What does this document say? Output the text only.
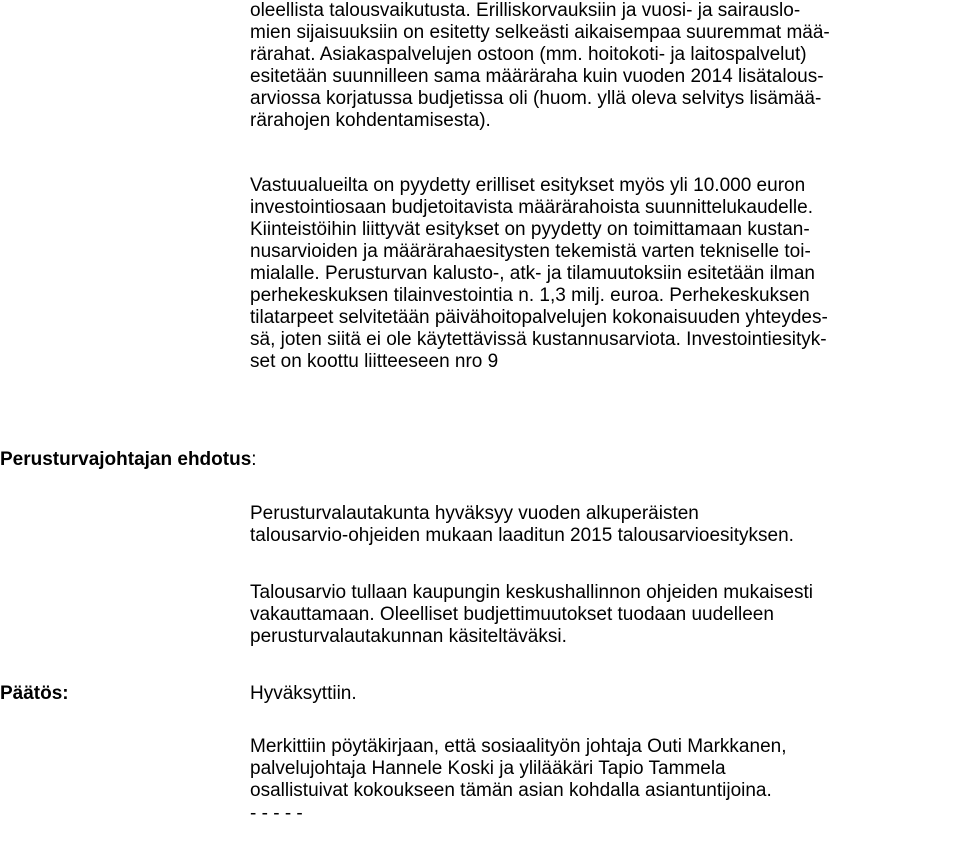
oleellista talousvaikutusta. Erilliskorvauksiin ja vuosi- ja sairauslo-
mien sijaisuuksiin on esitetty selkeästi aikaisempaa suuremmat mää-
rärahat. Asiakaspalvelujen ostoon (mm. hoitokoti- ja laitospalvelut)
esitetään suunnilleen sama määräraha kuin vuoden 2014 lisätalous-
arviossa korjatussa budjetissa oli (huom. yllä oleva selvitys lisämää-
rärahojen kohdentamisesta).
Vastuualueilta on pyydetty erilliset esitykset myös yli 10.000 euron
investointiosaan budjetoitavista määrärahoista suunnittelukaudelle.
Kiinteistöihin liittyvät esitykset on pyydetty on toimittamaan kustan-
nusarvioiden ja määrärahaesitysten tekemistä varten tekniselle toi-
mialalle. Perusturvan kalusto-, atk- ja tilamuutoksiin esitetään ilman
perhekeskuksen tilainvestointia n. 1,3 milj. euroa. Perhekeskuksen
tilatarpeet selvitetään päivähoitopalvelujen kokonaisuuden yhteydes-
sä, joten siitä ei ole käytettävissä kustannusarviota. Investointiesityk-
set on koottu liitteeseen nro 9
Perusturvajohtajan ehdotus:
Perusturvalautakunta hyväksyy vuoden alkuperäisten
talousarvio-ohjeiden mukaan laaditun 2015 talousarvioesityksen.
Talousarvio tullaan kaupungin keskushallinnon ohjeiden mukaisesti
vakauttamaan. Oleelliset budjettimuutokset tuodaan uudelleen
perusturvalautakunnan käsiteltäväksi.
Päätös:	Hyväksyttiin.
Merkittiin pöytäkirjaan, että sosiaalityön johtaja Outi Markkanen,
palvelujohtaja Hannele Koski ja ylilääkäri Tapio Tammela
osallistuivat kokoukseen tämän asian kohdalla asiantuntijoina.
- - - - -
